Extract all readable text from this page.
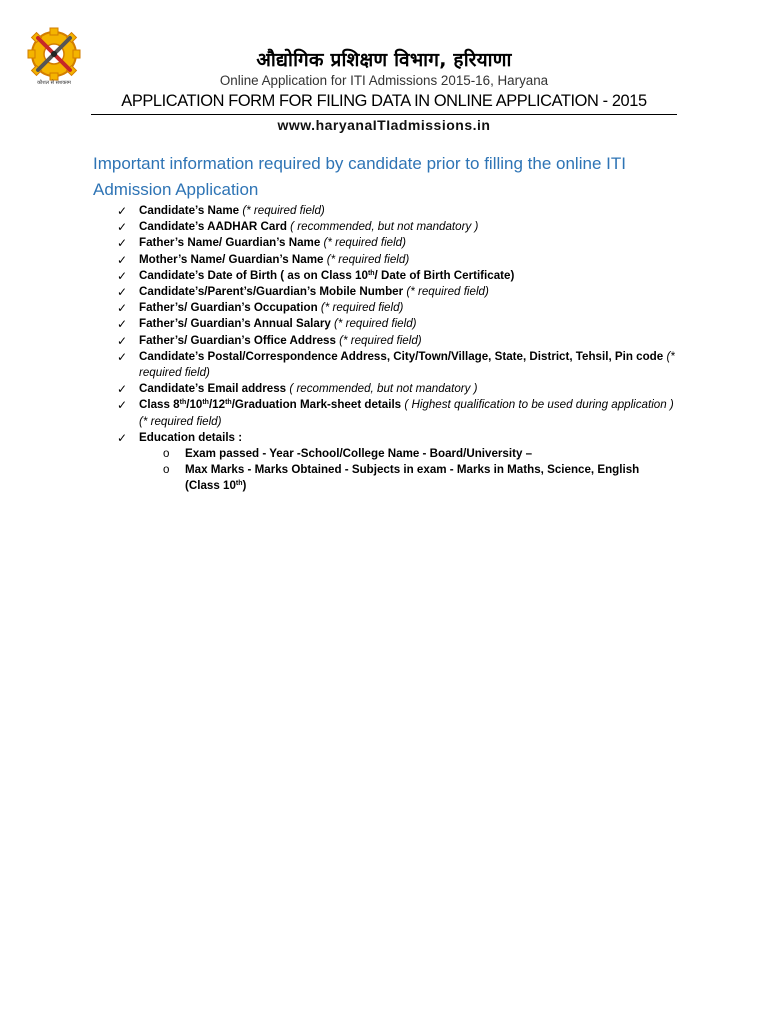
कौशल से सशक्तम
औद्योगिक प्रशिक्षण विभाग, हरियाणा
Online Application for ITI Admissions 2015-16, Haryana
APPLICATION FORM FOR FILING DATA IN ONLINE APPLICATION - 2015
www.haryanaITIadmissions.in
Important information required by candidate prior to filling the online ITI Admission Application
✓ Candidate’s Name (* required field)
✓ Candidate’s AADHAR Card ( recommended, but not mandatory )
✓ Father’s Name/ Guardian’s Name (* required field)
✓ Mother’s Name/ Guardian’s Name (* required field)
✓ Candidate’s Date of Birth ( as on Class 10th/ Date of Birth Certificate)
✓ Candidate’s/Parent’s/Guardian’s Mobile Number (* required field)
✓ Father’s/ Guardian’s Occupation (* required field)
✓ Father’s/ Guardian’s Annual Salary (* required field)
✓ Father’s/ Guardian’s Office Address (* required field)
✓ Candidate’s Postal/Correspondence Address, City/Town/Village, State, District, Tehsil, Pin code (* required field)
✓ Candidate’s Email address ( recommended, but not mandatory )
✓ Class 8th/10th/12th/Graduation Mark-sheet details ( Highest qualification to be used during application ) (* required field)
✓ Education details :
o Exam passed - Year -School/College Name - Board/University –
o Max Marks - Marks Obtained - Subjects in exam - Marks in Maths, Science, English (Class 10th)
